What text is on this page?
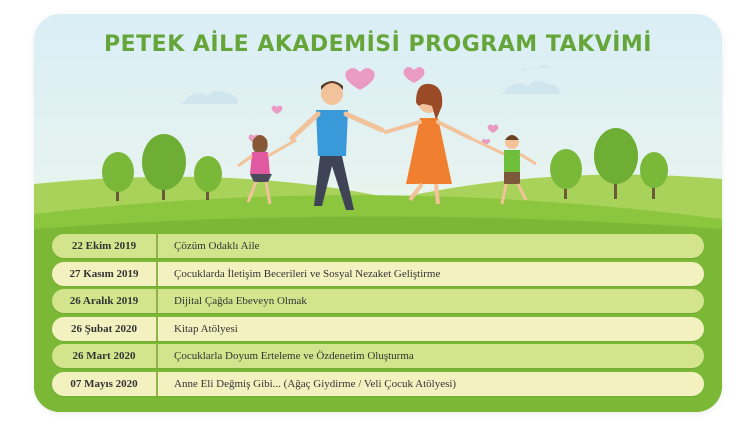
PETEK AİLE AKADEMİSİ PROGRAM TAKVİMİ
22 Ekim 2019	Çözüm Odaklı Aile
27 Kasım 2019	Çocuklarda İletişim Becerileri ve Sosyal Nezaket Geliştirme
26 Aralık 2019	Dijital Çağda Ebeveyn Olmak
26 Şubat 2020	Kitap Atölyesi
26 Mart 2020	Çocuklarla Doyum Erteleme ve Özdenetim Oluşturma
07 Mayıs 2020	Anne Eli Değmiş Gibi... (Ağaç Giydirme / Veli Çocuk Atölyesi)
